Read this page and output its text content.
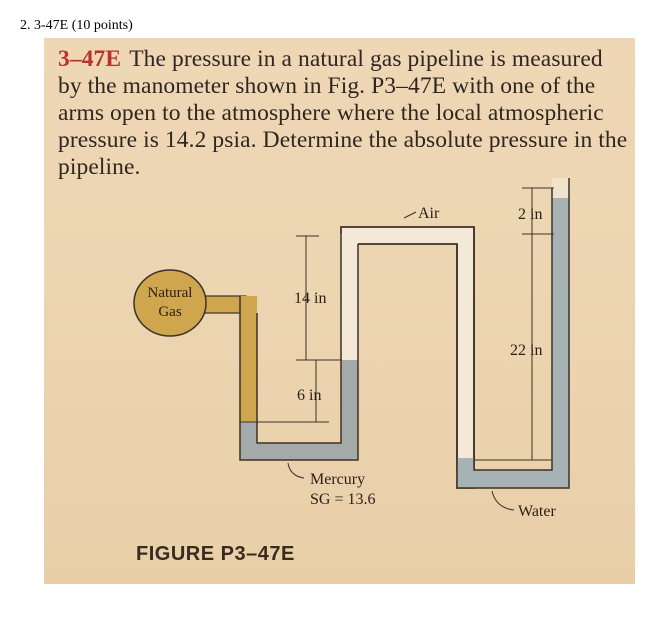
2. 3-47E (10 points)
3–47E The pressure in a natural gas pipeline is measured by the manometer shown in Fig. P3–47E with one of the arms open to the atmosphere where the local atmospheric pressure is 14.2 psia. Determine the absolute pressure in the pipeline.

Natural
Gas
14 in
6 in
Air	2 in
22 in
Mercury
SG = 13.6
Water
FIGURE P3–47E
